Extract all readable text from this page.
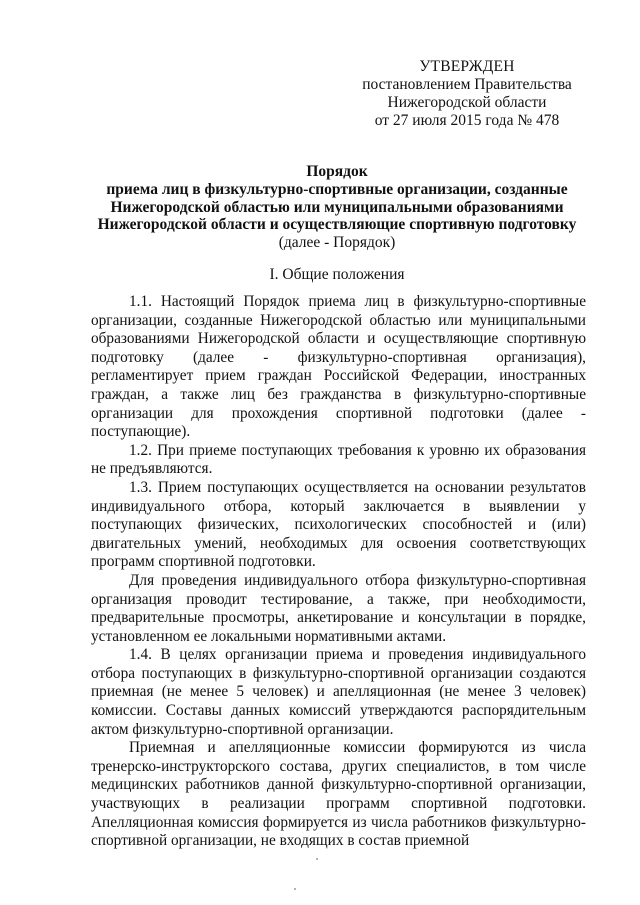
УТВЕРЖДЕН
постановлением Правительства
Нижегородской области
от 27 июля 2015 года № 478
Порядок
приема лиц в физкультурно-спортивные организации, созданные
Нижегородской областью или муниципальными образованиями
Нижегородской области и осуществляющие спортивную подготовку
(далее - Порядок)
I. Общие положения

1.1. Настоящий Порядок приема лиц в физкультурно-спортивные организации, созданные Нижегородской областью или муниципальными образованиями Нижегородской области и осуществляющие спортивную подготовку (далее - физкультурно-спортивная организация), регламентирует прием граждан Российской Федерации, иностранных граждан, а также лиц без гражданства в физкультурно-спортивные организации для прохождения спортивной подготовки (далее - поступающие).

1.2. При приеме поступающих требования к уровню их образования не предъявляются.

1.3. Прием поступающих осуществляется на основании результатов индивидуального отбора, который заключается в выявлении у поступающих физических, психологических способностей и (или) двигательных умений, необходимых для освоения соответствующих программ спортивной подготовки.

Для проведения индивидуального отбора физкультурно-спортивная организация проводит тестирование, а также, при необходимости, предварительные просмотры, анкетирование и консультации в порядке, установленном ее локальными нормативными актами.

1.4. В целях организации приема и проведения индивидуального отбора поступающих в физкультурно-спортивной организации создаются приемная (не менее 5 человек) и апелляционная (не менее 3 человек) комиссии. Составы данных комиссий утверждаются распорядительным актом физкультурно-спортивной организации.

Приемная и апелляционные комиссии формируются из числа тренерско-инструкторского состава, других специалистов, в том числе медицинских работников данной физкультурно-спортивной организации, участвующих в реализации программ спортивной подготовки. Апелляционная комиссия формируется из числа работников физкультурно-спортивной организации, не входящих в состав приемной
